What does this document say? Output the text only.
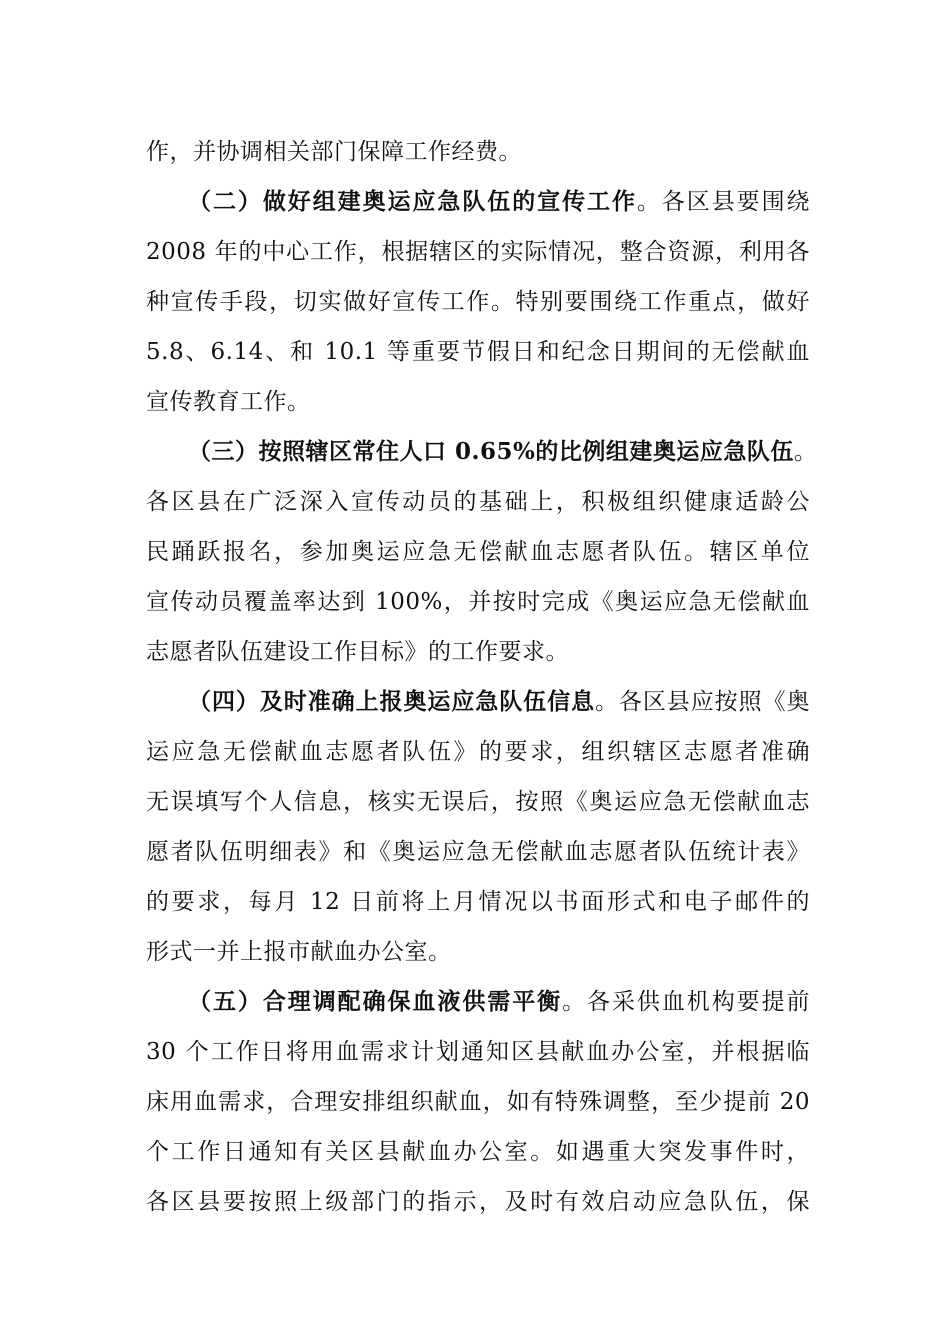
作，并协调相关部门保障工作经费。
（二）做好组建奥运应急队伍的宣传工作。各区县要围绕
2008 年的中心工作，根据辖区的实际情况，整合资源，利用各
种宣传手段，切实做好宣传工作。特别要围绕工作重点，做好
5.8、6.14、和 10.1 等重要节假日和纪念日期间的无偿献血
宣传教育工作。
（三）按照辖区常住人口 0.65%的比例组建奥运应急队伍。
各区县在广泛深入宣传动员的基础上，积极组织健康适龄公
民踊跃报名，参加奥运应急无偿献血志愿者队伍。辖区单位
宣传动员覆盖率达到 100%，并按时完成《奥运应急无偿献血
志愿者队伍建设工作目标》的工作要求。
（四）及时准确上报奥运应急队伍信息。各区县应按照《奥
运应急无偿献血志愿者队伍》的要求，组织辖区志愿者准确
无误填写个人信息，核实无误后，按照《奥运应急无偿献血志
愿者队伍明细表》和《奥运应急无偿献血志愿者队伍统计表》
的要求，每月 12 日前将上月情况以书面形式和电子邮件的
形式一并上报市献血办公室。
（五）合理调配确保血液供需平衡。各采供血机构要提前
30 个工作日将用血需求计划通知区县献血办公室，并根据临
床用血需求，合理安排组织献血，如有特殊调整，至少提前 20
个工作日通知有关区县献血办公室。如遇重大突发事件时，
各区县要按照上级部门的指示，及时有效启动应急队伍，保
